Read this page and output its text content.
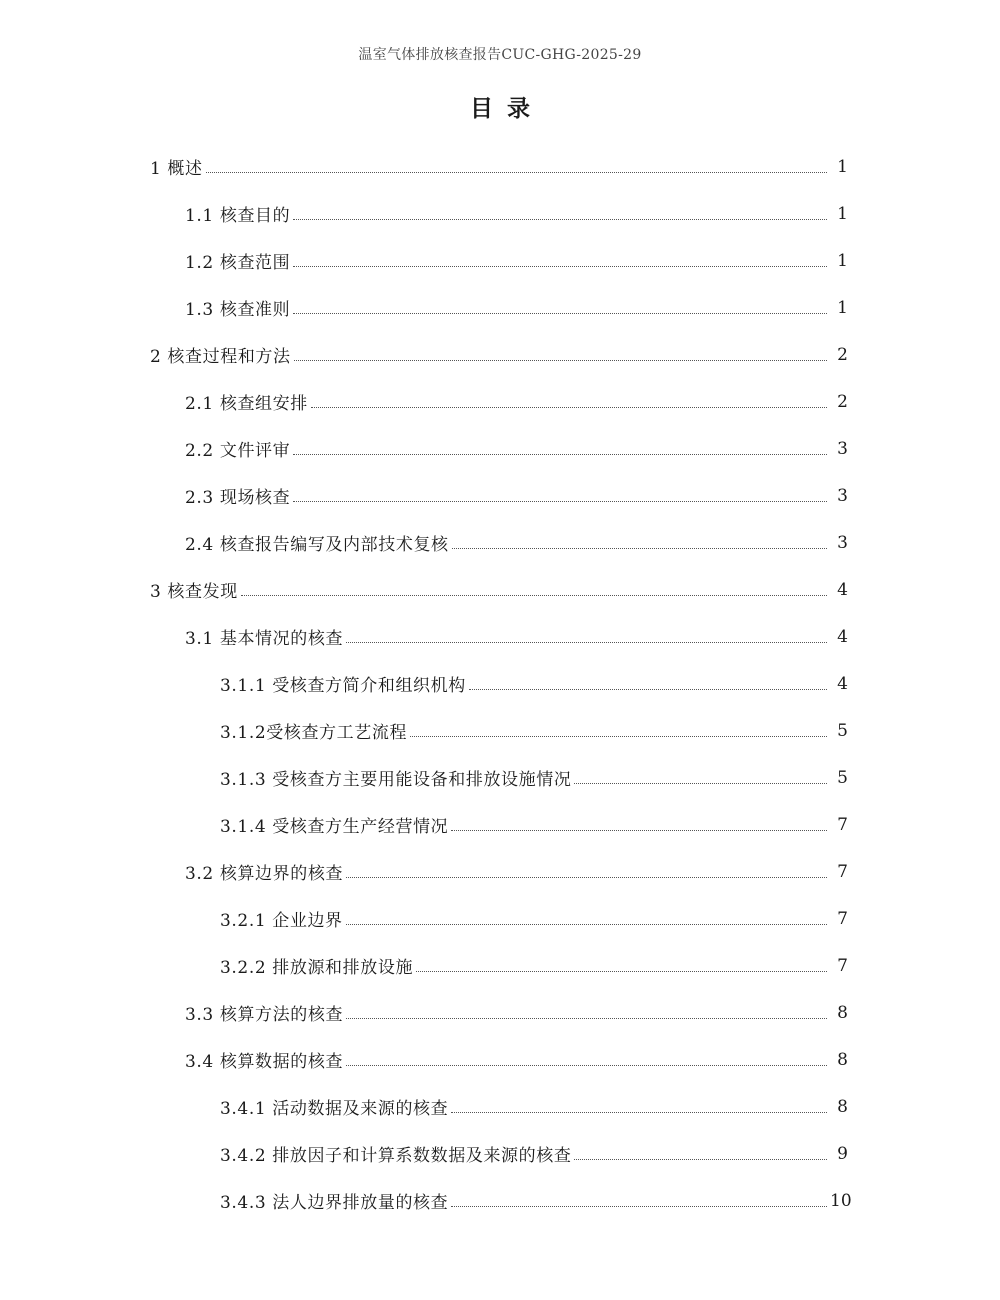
温室气体排放核查报告CUC-GHG-2025-29
目录
1 概述	1
1.1 核查目的	1
1.2 核查范围	1
1.3 核查准则	1
2 核查过程和方法	2
2.1 核查组安排	2
2.2 文件评审	3
2.3 现场核查	3
2.4 核查报告编写及内部技术复核	3
3 核查发现	4
3.1 基本情况的核查	4
3.1.1 受核查方简介和组织机构	4
3.1.2受核查方工艺流程	5
3.1.3 受核查方主要用能设备和排放设施情况	5
3.1.4 受核查方生产经营情况	7
3.2 核算边界的核查	7
3.2.1 企业边界	7
3.2.2 排放源和排放设施	7
3.3 核算方法的核查	8
3.4 核算数据的核查	8
3.4.1 活动数据及来源的核查	8
3.4.2 排放因子和计算系数数据及来源的核查	9
3.4.3 法人边界排放量的核查	10
